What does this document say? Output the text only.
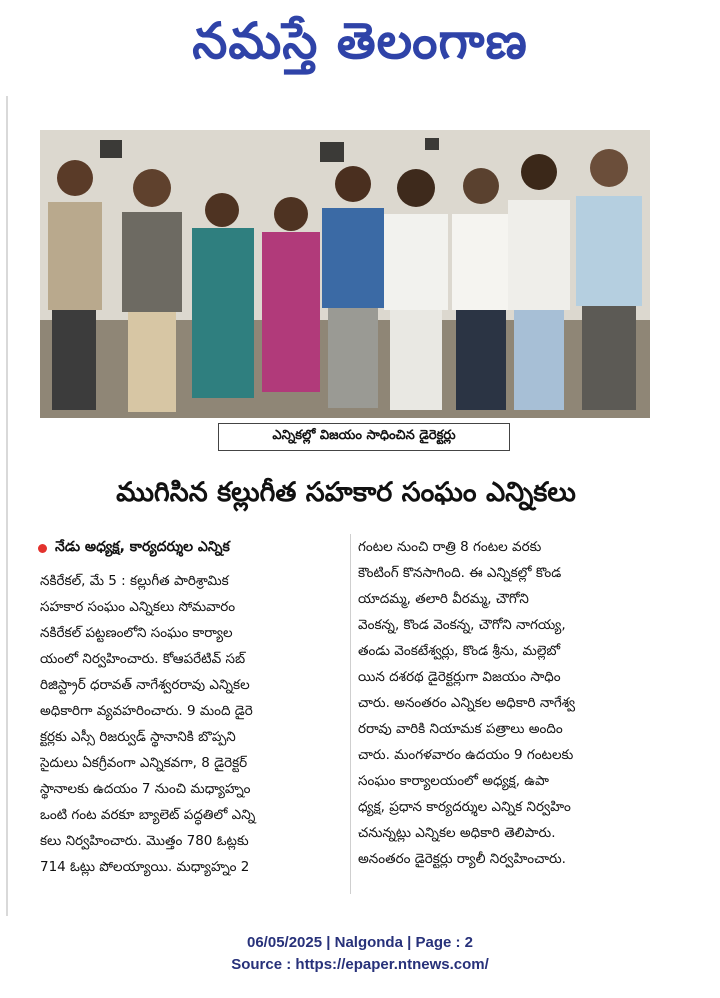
నమస్తే తెలంగాణ
ఎన్నికల్లో విజయం సాధించిన డైరెక్టర్లు
ముగిసిన కల్లుగీత సహకార సంఘం ఎన్నికలు
నేడు అధ్యక్ష, కార్యదర్శుల ఎన్నిక

నకిరేకల్, మే 5 : కల్లుగీత పారిశ్రామిక

సహకార సంఘం ఎన్నికలు సోమవారం

నకిరేకల్ పట్టణంలోని సంఘం కార్యాల

యంలో నిర్వహించారు. కోఆపరేటివ్ సబ్

రిజిస్ట్రార్ ధరావత్ నాగేశ్వరరావు ఎన్నికల

అధికారిగా వ్యవహరించారు. 9 మంది డైరె

క్టర్లకు ఎస్సీ రిజర్వుడ్ స్థానానికి బొప్పని

సైదులు ఏకగ్రీవంగా ఎన్నికవగా, 8 డైరెక్టర్

స్థానాలకు ఉదయం 7 నుంచి మధ్యాహ్నం

ఒంటి గంట వరకూ బ్యాలెట్ పద్ధతిలో ఎన్ని

కలు నిర్వహించారు. మొత్తం 780 ఓట్లకు

714 ఓట్లు పోలయ్యాయి. మధ్యాహ్నం 2

గంటల నుంచి రాత్రి 8 గంటల వరకు

కౌంటింగ్ కొనసాగింది. ఈ ఎన్నికల్లో కొండ

యాదమ్మ, తలారి వీరమ్మ, చౌగోని

వెంకన్న, కొండ వెంకన్న, చౌగోని నాగయ్య,

తండు వెంకటేశ్వర్లు, కొండ శ్రీను, మల్లెబో

యిన దశరథ డైరెక్టర్లుగా విజయం సాధిం

చారు. అనంతరం ఎన్నికల అధికారి నాగేశ్వ

రరావు వారికి నియామక పత్రాలు అందిం

చారు. మంగళవారం ఉదయం 9 గంటలకు

సంఘం కార్యాలయంలో అధ్యక్ష, ఉపా

ధ్యక్ష, ప్రధాన కార్యదర్శుల ఎన్నిక నిర్వహిం

చనున్నట్లు ఎన్నికల అధికారి తెలిపారు.

అనంతరం డైరెక్టర్లు ర్యాలీ నిర్వహించారు.

06/05/2025 | Nalgonda | Page : 2
Source : https://epaper.ntnews.com/
